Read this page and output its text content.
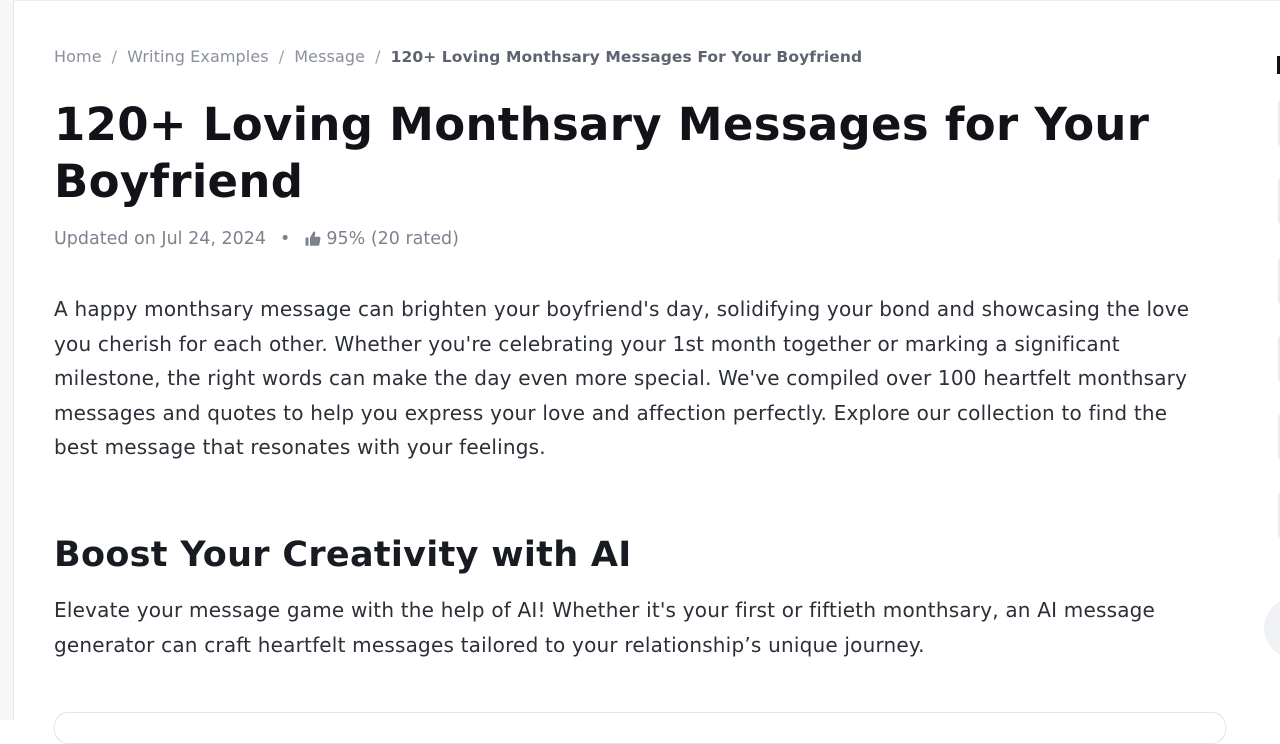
Home / Writing Examples / Message / 120+ Loving Monthsary Messages For Your Boyfriend
120+ Loving Monthsary Messages for Your Boyfriend
Updated on Jul 24, 2024 • 95% (20 rated)

A happy monthsary message can brighten your boyfriend's day, solidifying your bond and showcasing the love you cherish for each other. Whether you're celebrating your 1st month together or marking a significant milestone, the right words can make the day even more special. We've compiled over 100 heartfelt monthsary messages and quotes to help you express your love and affection perfectly. Explore our collection to find the best message that resonates with your feelings.

Boost Your Creativity with AI

Elevate your message game with the help of AI! Whether it's your first or fiftieth monthsary, an AI message generator can craft heartfelt messages tailored to your relationship’s unique journey.
